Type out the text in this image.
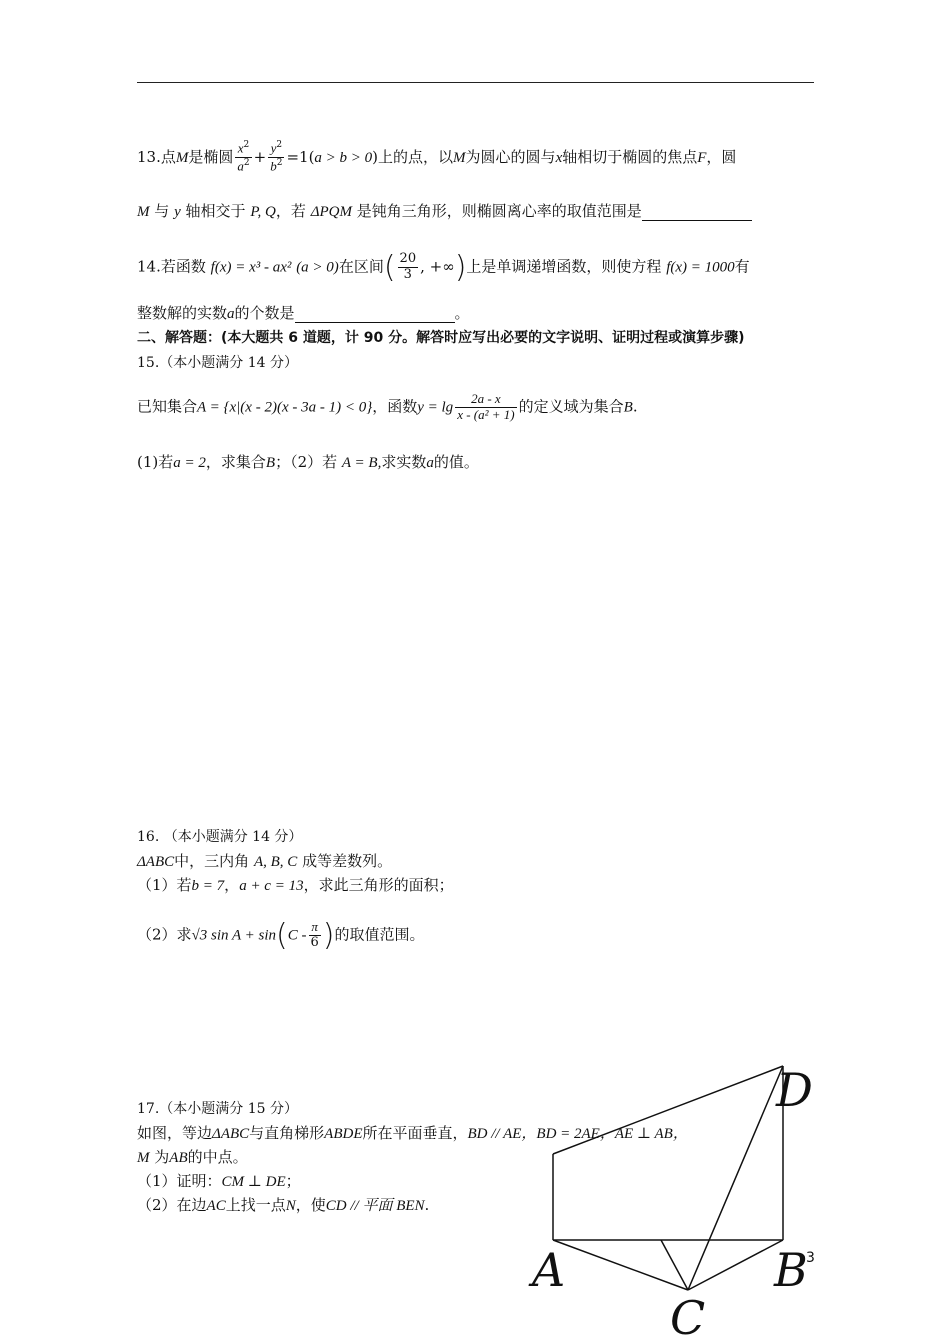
13.点M是椭圆 $\frac{x^2}{a^2} + \frac{y^2}{b^2} =1(a > b > 0)$上的点，以M为圆心的圆与x轴相切于椭圆的焦点F，圆
M 与 y 轴相交于 P, Q，若 ΔPQM 是钝角三角形，则椭圆离心率的取值范围是
14.若函数 f(x) = x³ - ax² (a > 0)在区间( $\frac{20}{3}$ , +∞)上是单调递增函数，则使方程 f(x) = 1000有
整数解的实数a的个数是	。
二、解答题：(本大题共 6 道题，计 90 分。解答时应写出必要的文字说明、证明过程或演算步骤)
15.（本小题满分 14 分）
已知集合A = {x|(x - 2)(x - 3a - 1) < 0}，函数$y = \lg \frac{2a - x}{\text{x - (a² + 1)}}$ 的定义域为集合B.
(1)若a = 2，求集合B；（2）若 A = B,求实数a的值。
16. （本小题满分 14 分）
ΔABC中，三内角 A, B, C 成等差数列。
（1）若b = 7，a + c = 13，求此三角形的面积；
（2）求√3 $\sin A + \sin(C - \frac{\pi}{6}$ )的取值范围。
17.（本小题满分 15 分）
如图，等边ΔABC与直角梯形ABDE所在平面垂直，BD // AE，BD = 2AE，AE ⊥ AB，
M 为AB的中点。
（1）证明：CM ⊥ DE；
（2）在边AC上找一点N，使CD // 平面 BEN.
A	B
C
D
3
